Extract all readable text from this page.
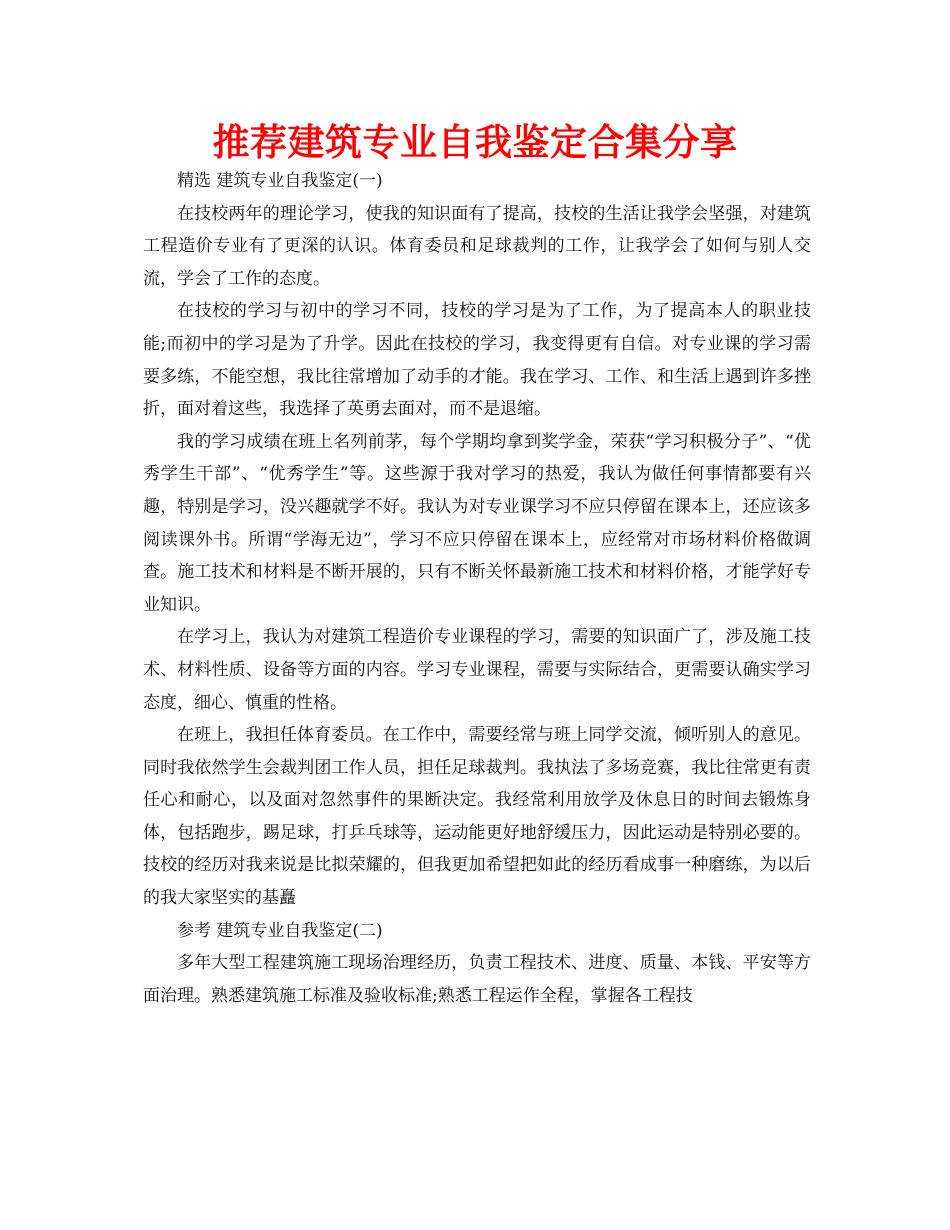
推荐建筑专业自我鉴定合集分享

精选 建筑专业自我鉴定(一)

在技校两年的理论学习，使我的知识面有了提高，技校的生活让我学会坚强，对建筑工程造价专业有了更深的认识。体育委员和足球裁判的工作，让我学会了如何与别人交流，学会了工作的态度。

在技校的学习与初中的学习不同，技校的学习是为了工作，为了提高本人的职业技能;而初中的学习是为了升学。因此在技校的学习，我变得更有自信。对专业课的学习需要多练，不能空想，我比往常增加了动手的才能。我在学习、工作、和生活上遇到许多挫折，面对着这些，我选择了英勇去面对，而不是退缩。

我的学习成绩在班上名列前茅，每个学期均拿到奖学金，荣获“学习积极分子”、“优秀学生干部”、“优秀学生”等。这些源于我对学习的热爱，我认为做任何事情都要有兴趣，特别是学习，没兴趣就学不好。我认为对专业课学习不应只停留在课本上，还应该多阅读课外书。所谓“学海无边”，学习不应只停留在课本上，应经常对市场材料价格做调查。施工技术和材料是不断开展的，只有不断关怀最新施工技术和材料价格，才能学好专业知识。

在学习上，我认为对建筑工程造价专业课程的学习，需要的知识面广了，涉及施工技术、材料性质、设备等方面的内容。学习专业课程，需要与实际结合，更需要认确实学习态度，细心、慎重的性格。

在班上，我担任体育委员。在工作中，需要经常与班上同学交流，倾听别人的意见。同时我依然学生会裁判团工作人员，担任足球裁判。我执法了多场竞赛，我比往常更有责任心和耐心，以及面对忽然事件的果断决定。我经常利用放学及休息日的时间去锻炼身体，包括跑步，踢足球，打乒乓球等，运动能更好地舒缓压力，因此运动是特别必要的。技校的经历对我来说是比拟荣耀的，但我更加希望把如此的经历看成事一种磨练，为以后的我大家坚实的基矗

参考 建筑专业自我鉴定(二)

多年大型工程建筑施工现场治理经历，负责工程技术、进度、质量、本钱、平安等方面治理。熟悉建筑施工标准及验收标准;熟悉工程运作全程，掌握各工程技
